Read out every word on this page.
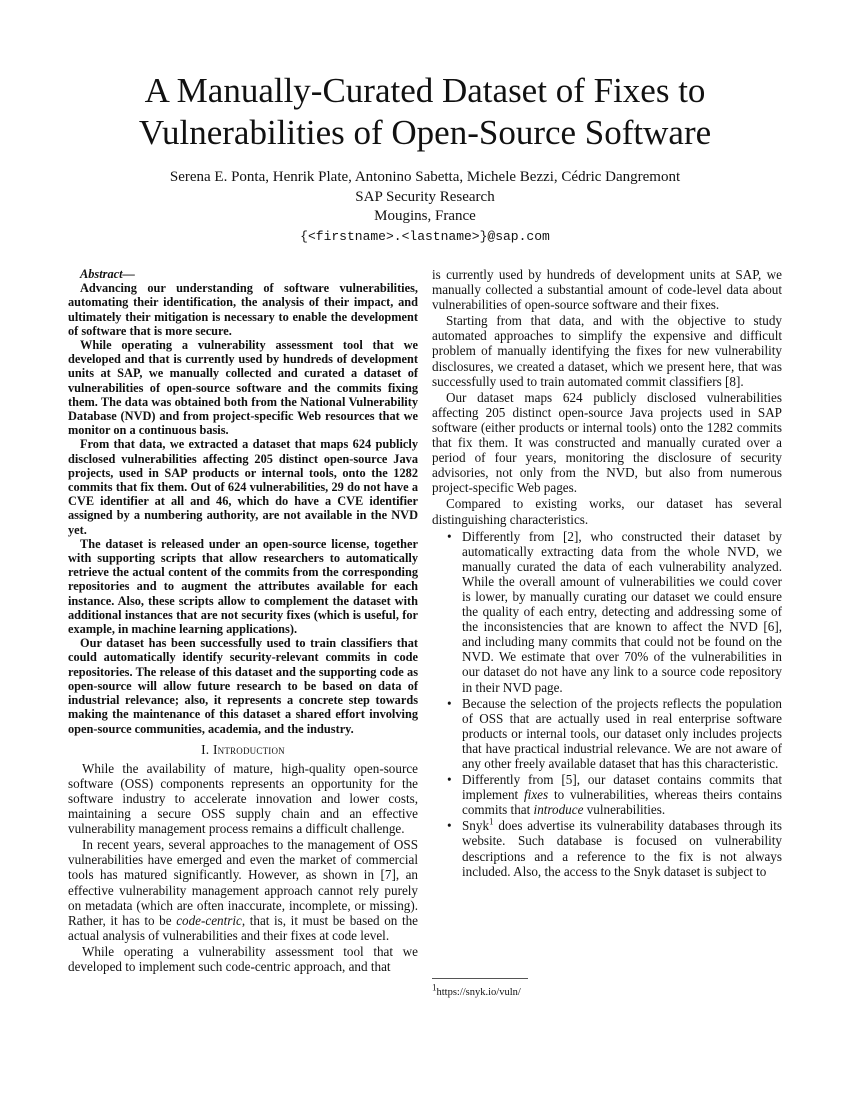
A Manually-Curated Dataset of Fixes to Vulnerabilities of Open-Source Software
Serena E. Ponta, Henrik Plate, Antonino Sabetta, Michele Bezzi, Cédric Dangremont
SAP Security Research
Mougins, France
{<firstname>.<lastname>}@sap.com

Abstract—

Advancing our understanding of software vulnerabilities, automating their identification, the analysis of their impact, and ultimately their mitigation is necessary to enable the development of software that is more secure.

While operating a vulnerability assessment tool that we developed and that is currently used by hundreds of development units at SAP, we manually collected and curated a dataset of vulnerabilities of open-source software and the commits fixing them. The data was obtained both from the National Vulnerability Database (NVD) and from project-specific Web resources that we monitor on a continuous basis.

From that data, we extracted a dataset that maps 624 publicly disclosed vulnerabilities affecting 205 distinct open-source Java projects, used in SAP products or internal tools, onto the 1282 commits that fix them. Out of 624 vulnerabilities, 29 do not have a CVE identifier at all and 46, which do have a CVE identifier assigned by a numbering authority, are not available in the NVD yet.

The dataset is released under an open-source license, together with supporting scripts that allow researchers to automatically retrieve the actual content of the commits from the corresponding repositories and to augment the attributes available for each instance. Also, these scripts allow to complement the dataset with additional instances that are not security fixes (which is useful, for example, in machine learning applications).

Our dataset has been successfully used to train classifiers that could automatically identify security-relevant commits in code repositories. The release of this dataset and the supporting code as open-source will allow future research to be based on data of industrial relevance; also, it represents a concrete step towards making the maintenance of this dataset a shared effort involving open-source communities, academia, and the industry.

I. Introduction

While the availability of mature, high-quality open-source software (OSS) components represents an opportunity for the software industry to accelerate innovation and lower costs, maintaining a secure OSS supply chain and an effective vulnerability management process remains a difficult challenge.

In recent years, several approaches to the management of OSS vulnerabilities have emerged and even the market of commercial tools has matured significantly. However, as shown in [7], an effective vulnerability management approach cannot rely purely on metadata (which are often inaccurate, incomplete, or missing). Rather, it has to be code-centric, that is, it must be based on the actual analysis of vulnerabilities and their fixes at code level.

While operating a vulnerability assessment tool that we developed to implement such code-centric approach, and that

is currently used by hundreds of development units at SAP, we manually collected a substantial amount of code-level data about vulnerabilities of open-source software and their fixes.

Starting from that data, and with the objective to study automated approaches to simplify the expensive and difficult problem of manually identifying the fixes for new vulnerability disclosures, we created a dataset, which we present here, that was successfully used to train automated commit classifiers [8].

Our dataset maps 624 publicly disclosed vulnerabilities affecting 205 distinct open-source Java projects used in SAP software (either products or internal tools) onto the 1282 commits that fix them. It was constructed and manually curated over a period of four years, monitoring the disclosure of security advisories, not only from the NVD, but also from numerous project-specific Web pages.

Compared to existing works, our dataset has several distinguishing characteristics.

• Differently from [2], who constructed their dataset by automatically extracting data from the whole NVD, we manually curated the data of each vulnerability analyzed. While the overall amount of vulnerabilities we could cover is lower, by manually curating our dataset we could ensure the quality of each entry, detecting and addressing some of the inconsistencies that are known to affect the NVD [6], and including many commits that could not be found on the NVD. We estimate that over 70% of the vulnerabilities in our dataset do not have any link to a source code repository in their NVD page.
• Because the selection of the projects reflects the population of OSS that are actually used in real enterprise software products or internal tools, our dataset only includes projects that have practical industrial relevance. We are not aware of any other freely available dataset that has this characteristic.
• Differently from [5], our dataset contains commits that implement fixes to vulnerabilities, whereas theirs contains commits that introduce vulnerabilities.
• Snyk$^1$ does advertise its vulnerability databases through its website. Such database is focused on vulnerability descriptions and a reference to the fix is not always included. Also, the access to the Snyk dataset is subject to
$^1$https://snyk.io/vuln/
